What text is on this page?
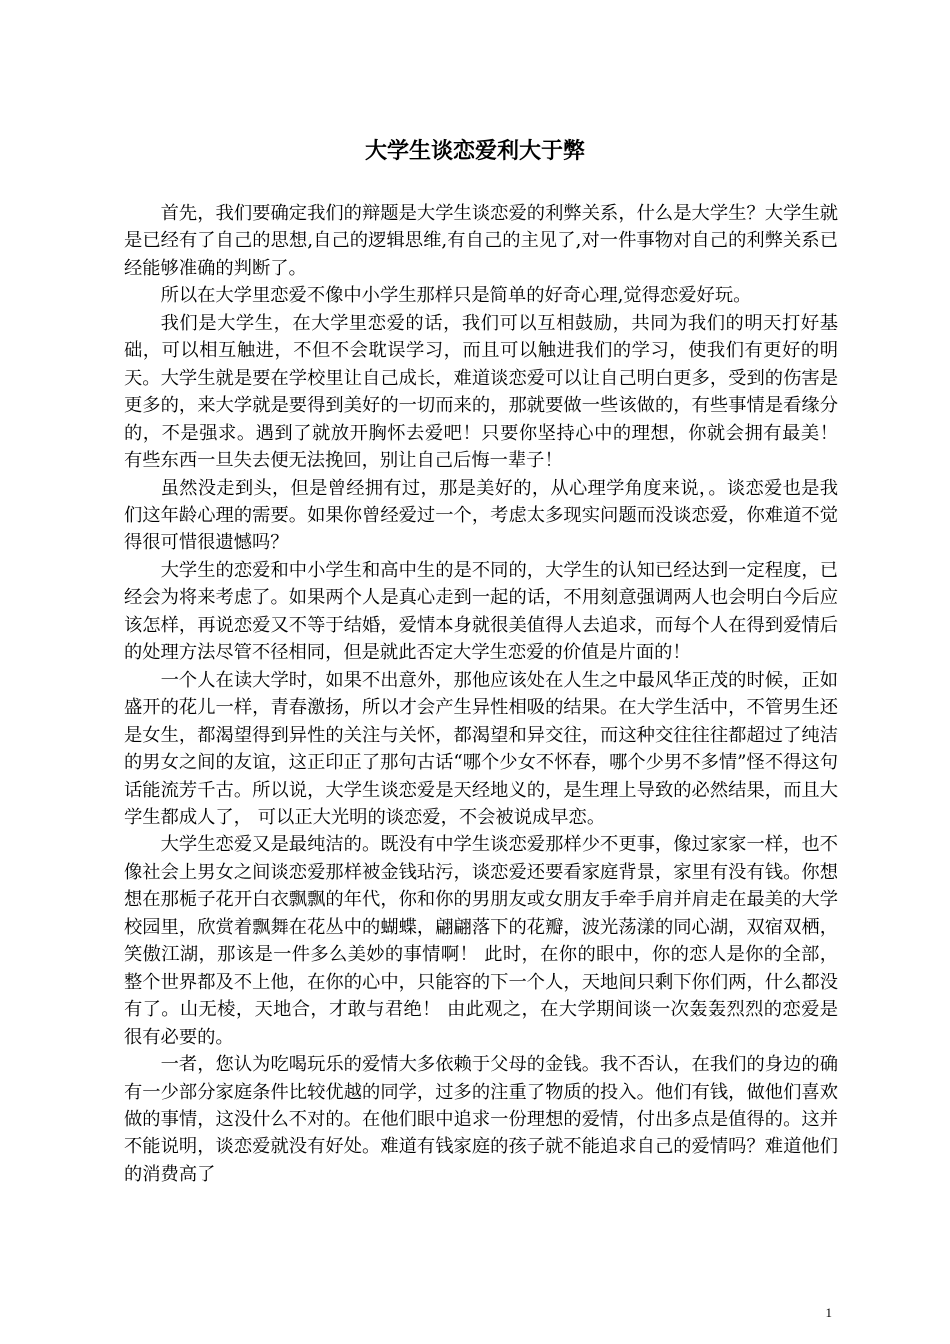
大学生谈恋爱利大于弊

首先，我们要确定我们的辩题是大学生谈恋爱的利弊关系，什么是大学生？大学生就是已经有了自己的思想,自己的逻辑思维,有自己的主见了,对一件事物对自己的利弊关系已经能够准确的判断了。

所以在大学里恋爱不像中小学生那样只是简单的好奇心理,觉得恋爱好玩。

我们是大学生，在大学里恋爱的话，我们可以互相鼓励，共同为我们的明天打好基础，可以相互触进，不但不会耽误学习，而且可以触进我们的学习，使我们有更好的明天。大学生就是要在学校里让自己成长，难道谈恋爱可以让自己明白更多，受到的伤害是更多的，来大学就是要得到美好的一切而来的，那就要做一些该做的，有些事情是看缘分的，不是强求。遇到了就放开胸怀去爱吧！只要你坚持心中的理想，你就会拥有最美！ 有些东西一旦失去便无法挽回，别让自己后悔一辈子！

虽然没走到头，但是曾经拥有过，那是美好的，从心理学角度来说，。谈恋爱也是我们这年龄心理的需要。如果你曾经爱过一个，考虑太多现实问题而没谈恋爱，你难道不觉得很可惜很遗憾吗？

大学生的恋爱和中小学生和高中生的是不同的，大学生的认知已经达到一定程度，已经会为将来考虑了。如果两个人是真心走到一起的话，不用刻意强调两人也会明白今后应该怎样，再说恋爱又不等于结婚，爱情本身就很美值得人去追求，而每个人在得到爱情后的处理方法尽管不径相同，但是就此否定大学生恋爱的价值是片面的！

一个人在读大学时，如果不出意外，那他应该处在人生之中最风华正茂的时候，正如盛开的花儿一样，青春激扬，所以才会产生异性相吸的结果。在大学生活中，不管男生还是女生，都渴望得到异性的关注与关怀，都渴望和异交往，而这种交往往往都超过了纯洁的男女之间的友谊，这正印正了那句古话“哪个少女不怀春，哪个少男不多情”怪不得这句话能流芳千古。所以说，大学生谈恋爱是天经地义的，是生理上导致的必然结果，而且大学生都成人了， 可以正大光明的谈恋爱，不会被说成早恋。

大学生恋爱又是最纯洁的。既没有中学生谈恋爱那样少不更事，像过家家一样，也不像社会上男女之间谈恋爱那样被金钱玷污，谈恋爱还要看家庭背景，家里有没有钱。你想想在那栀子花开白衣飘飘的年代，你和你的男朋友或女朋友手牵手肩并肩走在最美的大学校园里，欣赏着飘舞在花丛中的蝴蝶，翩翩落下的花瓣，波光荡漾的同心湖，双宿双栖，笑傲江湖，那该是一件多么美妙的事情啊！ 此时，在你的眼中，你的恋人是你的全部，整个世界都及不上他，在你的心中，只能容的下一个人，天地间只剩下你们两，什么都没有了。山无棱，天地合，才敢与君绝！ 由此观之，在大学期间谈一次轰轰烈烈的恋爱是很有必要的。

一者，您认为吃喝玩乐的爱情大多依赖于父母的金钱。我不否认，在我们的身边的确有一少部分家庭条件比较优越的同学，过多的注重了物质的投入。他们有钱，做他们喜欢做的事情，这没什么不对的。在他们眼中追求一份理想的爱情，付出多点是值得的。这并不能说明，谈恋爱就没有好处。难道有钱家庭的孩子就不能追求自己的爱情吗？难道他们的消费高了

1
